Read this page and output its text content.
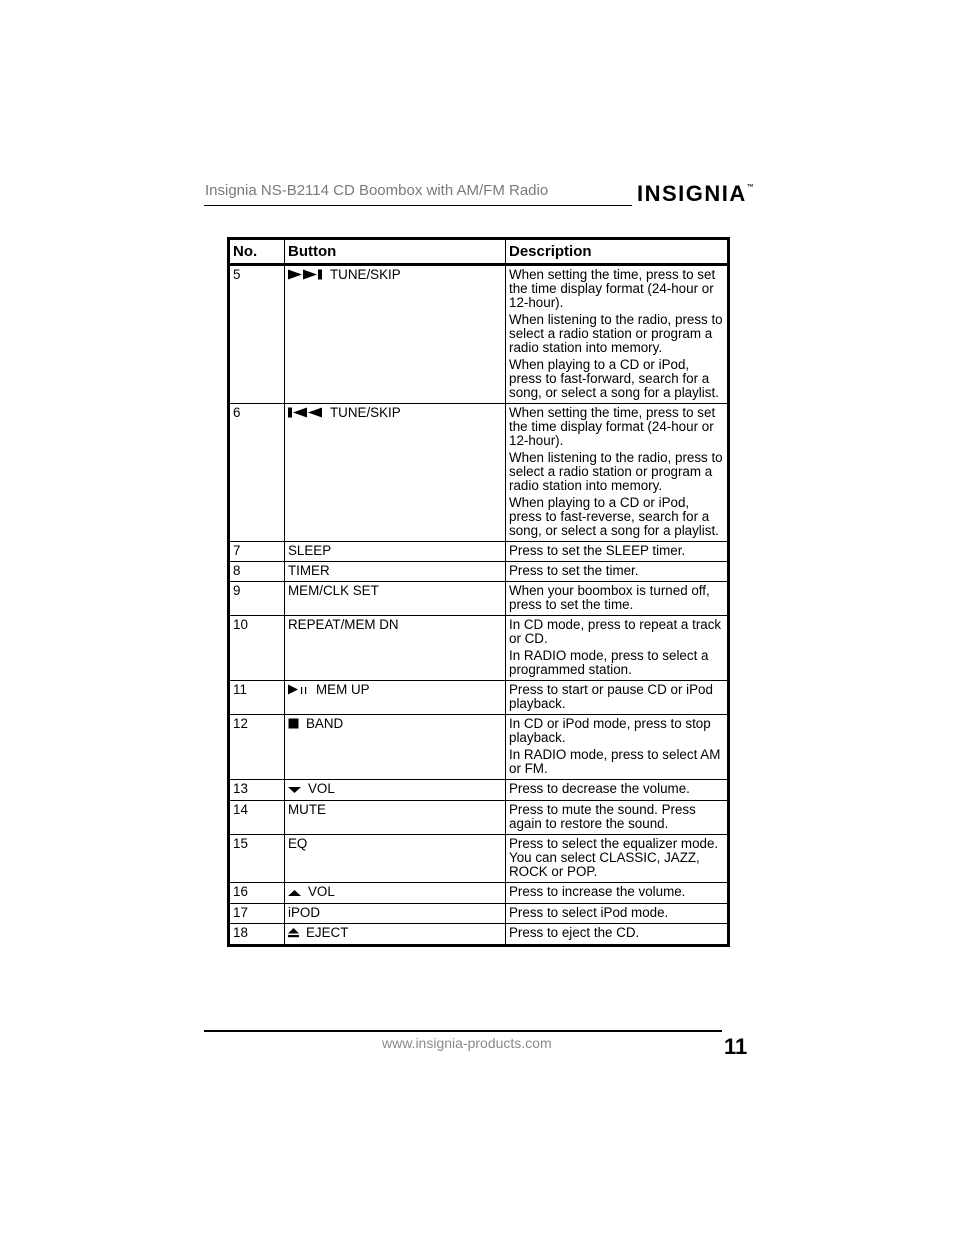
Insignia NS-B2114 CD Boombox with AM/FM Radio	INSIGNIA™
No.	Button	Description
5	TUNE/SKIP	When setting the time, press to set the time display format (24-hour or 12-hour).

When listening to the radio, press to select a radio station or program a radio station into memory.

When playing to a CD or iPod, press to fast-forward, search for a song, or select a song for a playlist.

6	TUNE/SKIP	When setting the time, press to set the time display format (24-hour or 12-hour).

When listening to the radio, press to select a radio station or program a radio station into memory.

When playing to a CD or iPod, press to fast-reverse, search for a song, or select a song for a playlist.

7	SLEEP	Press to set the SLEEP timer.

8	TIMER	Press to set the timer.

9	MEM/CLK SET	When your boombox is turned off, press to set the time.

10	REPEAT/MEM DN	In CD mode, press to repeat a track or CD.

In RADIO mode, press to select a programmed station.

11	MEM UP	Press to start or pause CD or iPod playback.

12	BAND	In CD or iPod mode, press to stop playback.

In RADIO mode, press to select AM or FM.

13	VOL	Press to decrease the volume.

14	MUTE	Press to mute the sound. Press again to restore the sound.

15	EQ	Press to select the equalizer mode. You can select CLASSIC, JAZZ, ROCK or POP.

16	VOL	Press to increase the volume.

17	iPOD	Press to select iPod mode.

18	EJECT	Press to eject the CD.

www.insignia-products.com	11
